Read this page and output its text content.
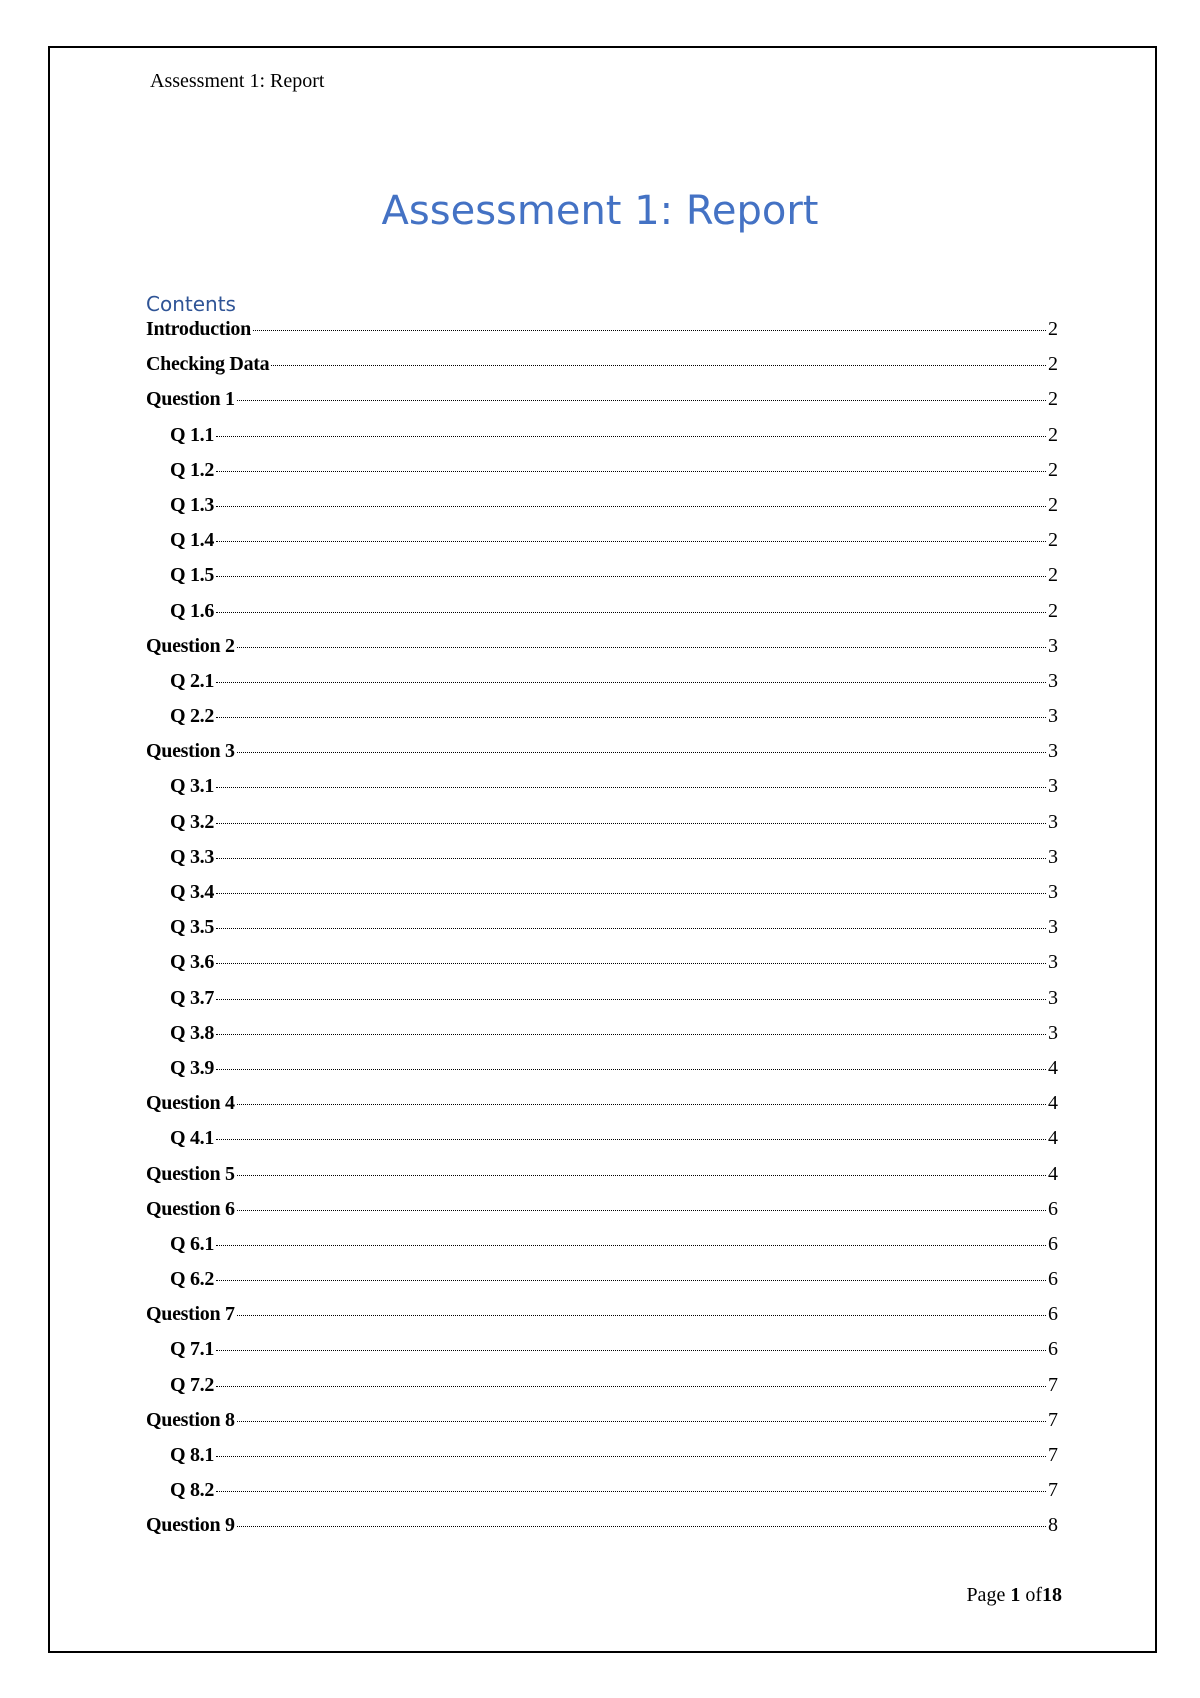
Assessment 1: Report
Assessment 1: Report
Contents
Introduction	2
Checking Data	2
Question 1	2
Q 1.1	2
Q 1.2	2
Q 1.3	2
Q 1.4	2
Q 1.5	2
Q 1.6	2
Question 2	3
Q 2.1	3
Q 2.2	3
Question 3	3
Q 3.1	3
Q 3.2	3
Q 3.3	3
Q 3.4	3
Q 3.5	3
Q 3.6	3
Q 3.7	3
Q 3.8	3
Q 3.9	4
Question 4	4
Q 4.1	4
Question 5	4
Question 6	6
Q 6.1	6
Q 6.2	6
Question 7	6
Q 7.1	6
Q 7.2	7
Question 8	7
Q 8.1	7
Q 8.2	7
Question 9	8
Page 1 of18
